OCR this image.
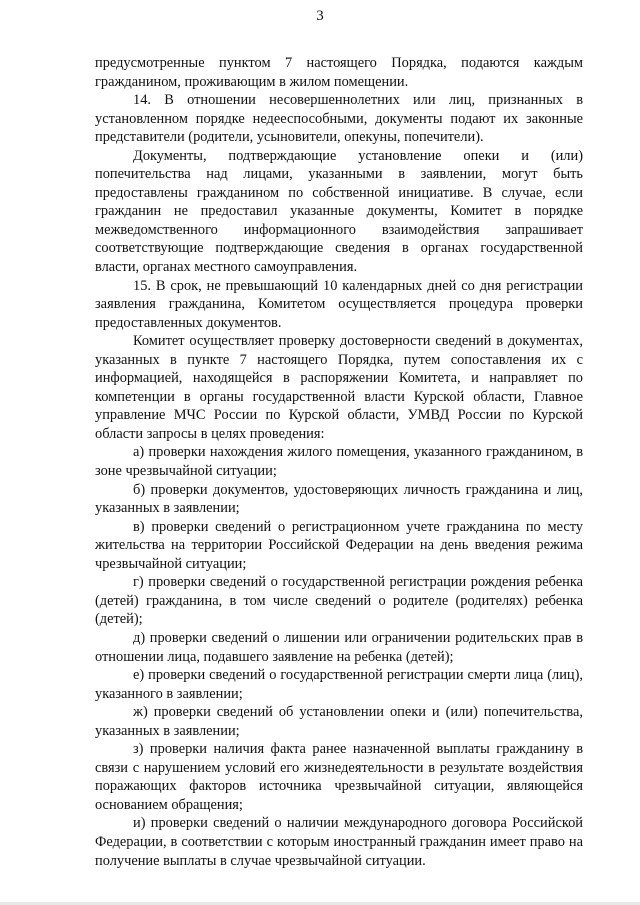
3

предусмотренные пунктом 7 настоящего Порядка, подаются каждым гражданином, проживающим в жилом помещении.

14. В отношении несовершеннолетних или лиц, признанных в установленном порядке недееспособными, документы подают их законные представители (родители, усыновители, опекуны, попечители).

Документы, подтверждающие установление опеки и (или) попечительства над лицами, указанными в заявлении, могут быть предоставлены гражданином по собственной инициативе. В случае, если гражданин не предоставил указанные документы, Комитет в порядке межведомственного информационного взаимодействия запрашивает соответствующие подтверждающие сведения в органах государственной власти, органах местного самоуправления.

15. В срок, не превышающий 10 календарных дней со дня регистрации заявления гражданина, Комитетом осуществляется процедура проверки предоставленных документов.

Комитет осуществляет проверку достоверности сведений в документах, указанных в пункте 7 настоящего Порядка, путем сопоставления их с информацией, находящейся в распоряжении Комитета, и направляет по компетенции в органы государственной власти Курской области, Главное управление МЧС России по Курской области, УМВД России по Курской области запросы в целях проведения:

а) проверки нахождения жилого помещения, указанного гражданином, в зоне чрезвычайной ситуации;

б) проверки документов, удостоверяющих личность гражданина и лиц, указанных в заявлении;

в) проверки сведений о регистрационном учете гражданина по месту жительства на территории Российской Федерации на день введения режима чрезвычайной ситуации;

г) проверки сведений о государственной регистрации рождения ребенка (детей) гражданина, в том числе сведений о родителе (родителях) ребенка (детей);

д) проверки сведений о лишении или ограничении родительских прав в отношении лица, подавшего заявление на ребенка (детей);

е) проверки сведений о государственной регистрации смерти лица (лиц), указанного в заявлении;

ж) проверки сведений об установлении опеки и (или) попечительства, указанных в заявлении;

з) проверки наличия факта ранее назначенной выплаты гражданину в связи с нарушением условий его жизнедеятельности в результате воздействия поражающих факторов источника чрезвычайной ситуации, являющейся основанием обращения;

и) проверки сведений о наличии международного договора Российской Федерации, в соответствии с которым иностранный гражданин имеет право на получение выплаты в случае чрезвычайной ситуации.
